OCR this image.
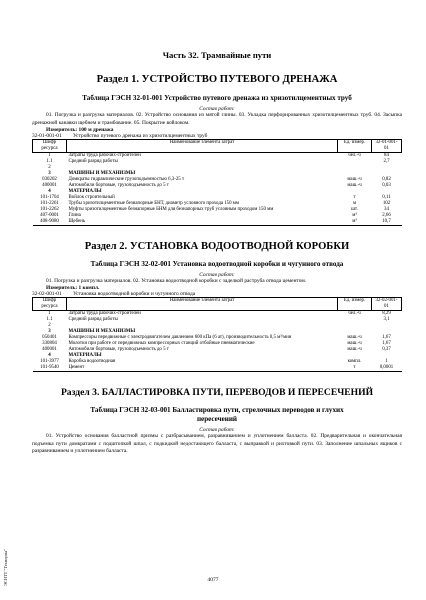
Часть 32. Трамвайные пути
Раздел 1. УСТРОЙСТВО ПУТЕВОГО ДРЕНАЖА
Таблица ГЭСН 32-01-001 Устройство путевого дренажа из хризотилцементных труб
Состав работ:
01. Погрузка и разгрузка материалов. 02. Устройство основания из мятой глины. 03. Укладка перфорированных хризотилцементных труб. 04. Засыпка дренажной канавки щебнем и трамбование. 05. Покрытие войлоком.
Измеритель: 100 м дренажа
32-01-001-01 Устройство путевого дренажа из хризотилцементных труб
Шифр ресурса	Наименование элемента затрат	Ед. измер.	32-01-001-01
1	Затраты труда рабочих-строителей	чел.-ч	84
1.1	Средний разряд работы		2,7
2			
3	МАШИНЫ И МЕХАНИЗМЫ		
030202	Домкраты гидравлические грузоподъемностью 6,3-25 т	маш.-ч	0,82
400001	Автомобили бортовые, грузоподъемность до 5 т	маш.-ч	0,03
4	МАТЕРИАЛЫ		
101-1704	Войлок строительный	т	0,11
101-2261	Трубы хризотилцементные безнапорные БНТ, диаметр условного прохода 150 мм	м	102
101-2262	Муфты хризотилцементные безнапорные БНМ для безнапорных труб условным проходом 150 мм	шт.	34
407-0001	Глина	м³	2,66
408-9080	Щебень	м³	10,7
Раздел 2. УСТАНОВКА ВОДООТВОДНОЙ КОРОБКИ
Таблица ГЭСН 32-02-001 Установка водоотводной коробки и чугунного отвода
Состав работ:
01. Погрузка и разгрузка материалов. 02. Установка водоотводной коробки с заделкой раструба отвода цементом.
Измеритель: 1 компл.
32-02-001-01 Установка водоотводной коробки и чугунного отвода
Шифр ресурса	Наименование элемента затрат	Ед. измер.	32-02-001-01
1	Затраты труда рабочих-строителей	чел.-ч	8,29
1.1	Средний разряд работы		3,1
2			
3	МАШИНЫ И МЕХАНИЗМЫ		
050401	Компрессоры передвижные с электродвигателем давлением 600 кПа (6 ат), производительность 0,5 м³/мин	маш.-ч	1,67
330804	Молотки при работе от передвижных компрессорных станций отбойные пневматические	маш.-ч	1,67
400001	Автомобили бортовые, грузоподъемность до 5 т	маш.-ч	0,37
4	МАТЕРИАЛЫ		
101-3977	Коробка водоотводная	компл.	1
101-9540	Цемент	т	0,0001
Раздел 3. БАЛЛАСТИРОВКА ПУТИ, ПЕРЕВОДОВ И ПЕРЕСЕЧЕНИЙ
Таблица ГЭСН 32-03-001 Балластировка пути, стрелочных переводов и глухих
пересечений
Состав работ:
01. Устройство основания балластной призмы с разбрасыванием, разравниванием и уплотнением балласта. 02. Предварительная и окончательная подъемка пути домкратами с подштопкой шпал, с подкидкой недостающего балласта, с выправкой и рихтовкой пути. 03. Заполнение шпальных ящиков с разравниванием и уплотнением балласта.
ЭСНТТ "Технорма"	4077
